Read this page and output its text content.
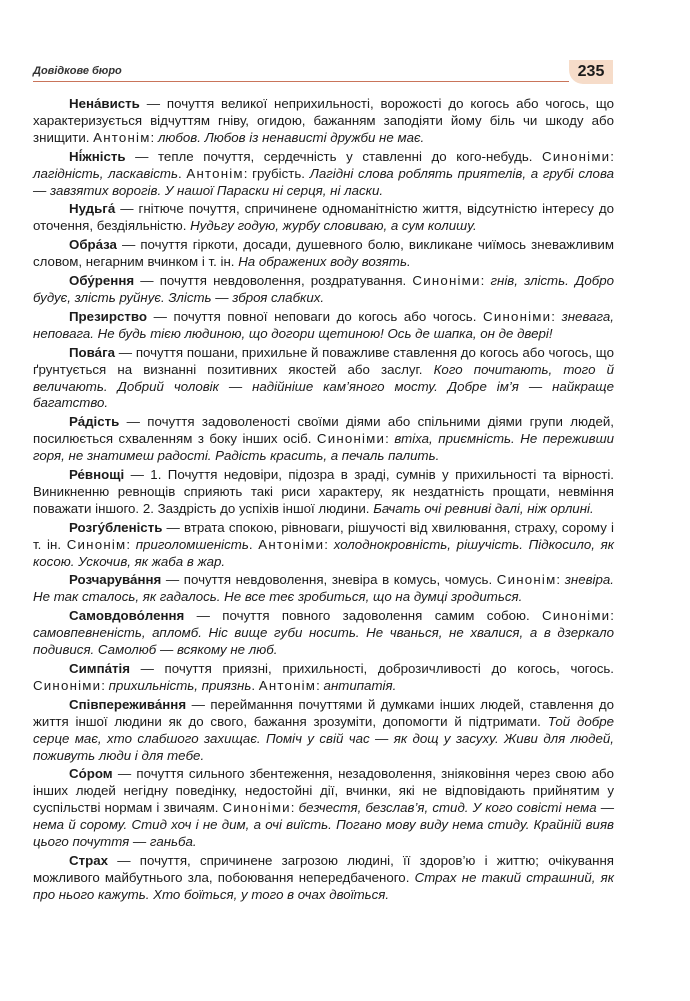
Довідкове бюро	235

Нена́висть — почуття великої неприхильності, ворожості до когось або чогось, що характеризується відчуттям гніву, огидою, бажанням заподіяти йому біль чи шкоду або знищити. Антонім: любов. Любов із ненависті дружби не має.

Ні́жність — тепле почуття, сердечність у ставленні до кого-небудь. Синоніми: лагідність, ласкавість. Антонім: грубість. Лагідні слова роблять приятелів, а грубі слова — завзятих ворогів. У нашої Параски ні серця, ні ласки.

Нудьга́ — гнітюче почуття, спричинене одноманітністю життя, відсутністю інтересу до оточення, бездіяльністю. Нудьгу годую, журбу словиваю, а сум колишу.

Обра́за — почуття гіркоти, досади, душевного болю, викликане чиїмось зневажливим словом, негарним вчинком і т. ін. На ображених воду возять.

Обу́рення — почуття невдоволення, роздратування. Синоніми: гнів, злість. Добро будує, злість руйнує. Злість — зброя слабких.

Презирство — почуття повної неповаги до когось або чогось. Синоніми: зневага, неповага. Не будь тією людиною, що догори щетиною! Ось де шапка, он де двері!

Пова́га — почуття пошани, прихильне й поважливе ставлення до когось або чогось, що ґрунтується на визнанні позитивних якостей або заслуг. Кого почитають, того й величають. Добрий чоловік — надійніше кам’яного мосту. Добре ім’я — найкраще багатство.

Ра́дість — почуття задоволеності своїми діями або спільними діями групи людей, посилюється схваленням з боку інших осіб. Синоніми: втіха, приємність. Не переживши горя, не знатимеш радості. Радість красить, а печаль палить.

Ре́внощі — 1. Почуття недовіри, підозра в зраді, сумнів у прихильності та вірності. Виникненню ревнощів сприяють такі риси характеру, як нездатність прощати, невміння поважати іншого. 2. Заздрість до успіхів іншої людини. Бачать очі ревниві далі, ніж орлині.

Розгу́бленість — втрата спокою, рівноваги, рішучості від хвилювання, страху, сорому і т. ін. Синонім: приголомшеність. Антоніми: холоднокровність, рішучість. Підкосило, як косою. Ускочив, як жаба в жар.

Розчарува́ння — почуття невдоволення, зневіра в комусь, чомусь. Синонім: зневіра. Не так сталось, як гадалось. Не все теє зробиться, що на думці зродиться.

Самовдово́лення — почуття повного задоволення самим собою. Синоніми: самовпевненість, апломб. Ніс вище губи носить. Не чванься, не хвалися, а в дзеркало подивися. Самолюб — всякому не люб.

Симпа́тія — почуття приязні, прихильності, доброзичливості до когось, чогось. Синоніми: прихильність, приязнь. Антонім: антипатія.

Співпережива́ння — перейманння почуттями й думками інших людей, ставлення до життя іншої людини як до свого, бажання зрозуміти, допомогти й підтримати. Той добре серце має, хто слабшого захищає. Поміч у свій час — як дощ у засуху. Живи для людей, поживуть люди і для тебе.

Со́ром — почуття сильного збентеження, незадоволення, зніяковіння через свою або інших людей негідну поведінку, недостойні дії, вчинки, які не відповідають прийнятим у суспільстві нормам і звичаям. Синоніми: безчестя, безслав’я, стид. У кого совісті нема — нема й сорому. Стид хоч і не дим, а очі виїсть. Погано мову виду нема стиду. Крайній вияв цього почуття — ганьба.

Страх — почуття, спричинене загрозою людині, її здоров’ю і життю; очікування можливого майбутнього зла, побоювання непередбаченого. Страх не такий страшний, як про нього кажуть. Хто боїться, у того в очах двоїться.
